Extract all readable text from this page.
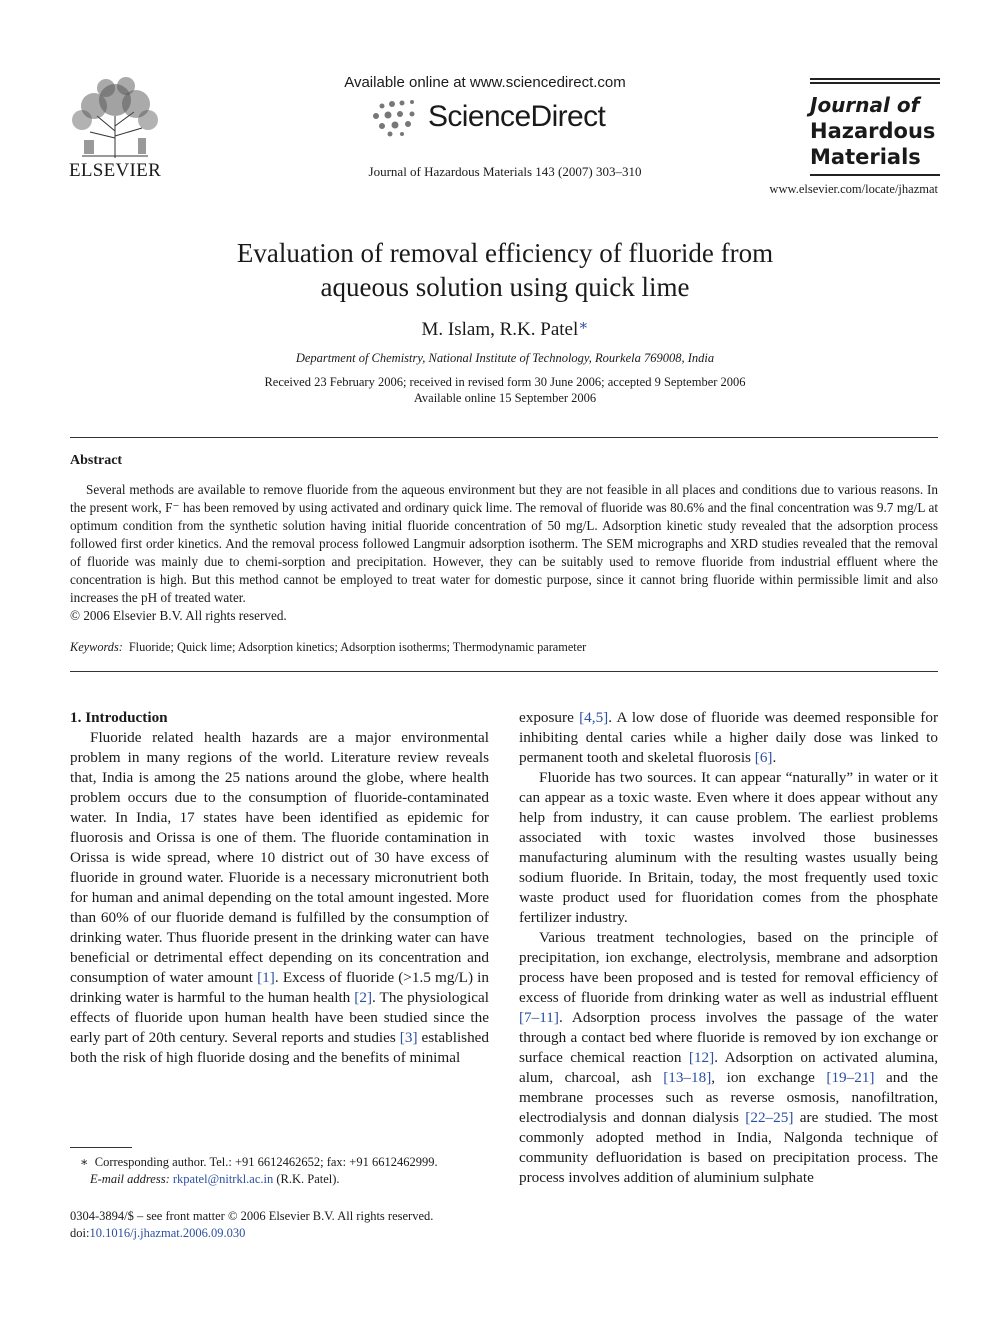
ELSEVIER
Available online at www.sciencedirect.com
ScienceDirect
Journal of Hazardous Materials 143 (2007) 303–310
Journal of
Hazardous
Materials
www.elsevier.com/locate/jhazmat
Evaluation of removal efficiency of fluoride from
aqueous solution using quick lime
M. Islam, R.K. Patel∗
Department of Chemistry, National Institute of Technology, Rourkela 769008, India
Received 23 February 2006; received in revised form 30 June 2006; accepted 9 September 2006
Available online 15 September 2006
Abstract

Several methods are available to remove fluoride from the aqueous environment but they are not feasible in all places and conditions due to various reasons. In the present work, F⁻ has been removed by using activated and ordinary quick lime. The removal of fluoride was 80.6% and the final concentration was 9.7 mg/L at optimum condition from the synthetic solution having initial fluoride concentration of 50 mg/L. Adsorption kinetic study revealed that the adsorption process followed first order kinetics. And the removal process followed Langmuir adsorption isotherm. The SEM micrographs and XRD studies revealed that the removal of fluoride was mainly due to chemi-sorption and precipitation. However, they can be suitably used to remove fluoride from industrial effluent where the concentration is high. But this method cannot be employed to treat water for domestic purpose, since it cannot bring fluoride within permissible limit and also increases the pH of treated water.

© 2006 Elsevier B.V. All rights reserved.
Keywords: Fluoride; Quick lime; Adsorption kinetics; Adsorption isotherms; Thermodynamic parameter

1. Introduction

Fluoride related health hazards are a major environmental problem in many regions of the world. Literature review reveals that, India is among the 25 nations around the globe, where health problem occurs due to the consumption of fluoride-contaminated water. In India, 17 states have been identified as epidemic for fluorosis and Orissa is one of them. The fluoride contamination in Orissa is wide spread, where 10 district out of 30 have excess of fluoride in ground water. Fluoride is a necessary micronutrient both for human and animal depending on the total amount ingested. More than 60% of our fluoride demand is fulfilled by the consumption of drinking water. Thus fluoride present in the drinking water can have beneficial or detrimental effect depending on its concentration and consumption of water amount [1]. Excess of fluoride (>1.5 mg/L) in drinking water is harmful to the human health [2]. The physiological effects of fluoride upon human health have been studied since the early part of 20th century. Several reports and studies [3] established both the risk of high fluoride dosing and the benefits of minimal

exposure [4,5]. A low dose of fluoride was deemed responsible for inhibiting dental caries while a higher daily dose was linked to permanent tooth and skeletal fluorosis [6].

Fluoride has two sources. It can appear “naturally” in water or it can appear as a toxic waste. Even where it does appear without any help from industry, it can cause problem. The earliest problems associated with toxic wastes involved those businesses manufacturing aluminum with the resulting wastes usually being sodium fluoride. In Britain, today, the most frequently used toxic waste product used for fluoridation comes from the phosphate fertilizer industry.

Various treatment technologies, based on the principle of precipitation, ion exchange, electrolysis, membrane and adsorption process have been proposed and is tested for removal efficiency of excess of fluoride from drinking water as well as industrial effluent [7–11]. Adsorption process involves the passage of the water through a contact bed where fluoride is removed by ion exchange or surface chemical reaction [12]. Adsorption on activated alumina, alum, charcoal, ash [13–18], ion exchange [19–21] and the membrane processes such as reverse osmosis, nanofiltration, electrodialysis and donnan dialysis [22–25] are studied. The most commonly adopted method in India, Nalgonda technique of community defluoridation is based on precipitation process. The process involves addition of aluminium sulphate

∗ Corresponding author. Tel.: +91 6612462652; fax: +91 6612462999.
E-mail address: rkpatel@nitrkl.ac.in (R.K. Patel).
0304-3894/$ – see front matter © 2006 Elsevier B.V. All rights reserved.
doi:10.1016/j.jhazmat.2006.09.030
